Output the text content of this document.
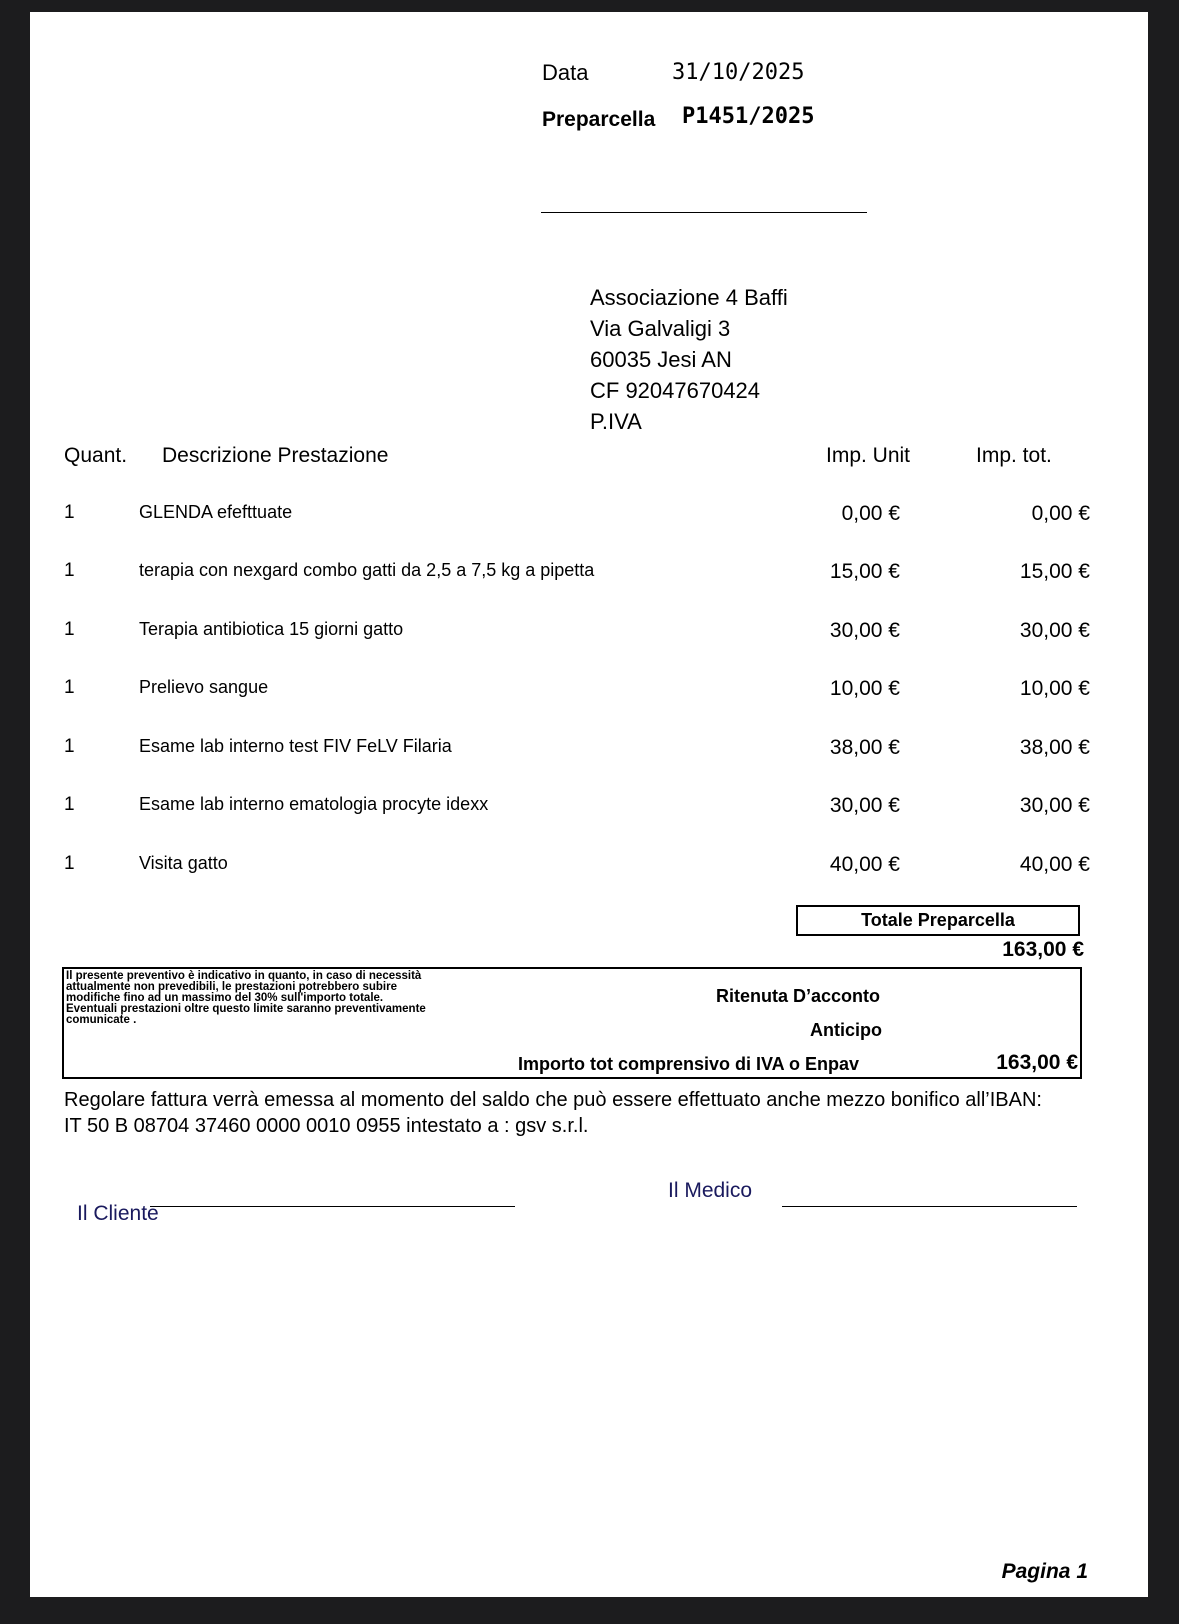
Data	31/10/2025
Preparcella P1451/2025
Associazione 4 Baffi
Via Galvaligi 3
60035 Jesi AN
CF 92047670424
P.IVA
Quant. Descrizione Prestazione	Imp. Unit	Imp. tot.
1	GLENDA efefttuate	0,00 €	0,00 €
1	terapia con nexgard combo gatti da 2,5 a 7,5 kg a pipetta	15,00 €	15,00 €
1	Terapia antibiotica 15 giorni gatto	30,00 €	30,00 €
1	Prelievo sangue	10,00 €	10,00 €
1	Esame lab interno test FIV FeLV Filaria	38,00 €	38,00 €
1	Esame lab interno ematologia procyte idexx	30,00 €	30,00 €
1	Visita gatto	40,00 €	40,00 €
Totale Preparcella
163,00 €
Il presente preventivo è indicativo in quanto, in caso di necessità attualmente non prevedibili, le prestazioni potrebbero subire modifiche fino ad un massimo del 30% sull'importo totale. Eventuali prestazioni oltre questo limite saranno preventivamente comunicate .
Ritenuta D’acconto
Anticipo
Importo tot comprensivo di IVA o Enpav	163,00 €
Regolare fattura verrà emessa al momento del saldo che può essere effettuato anche mezzo bonifico all’IBAN:
IT 50 B 08704 37460 0000 0010 0955 intestato a : gsv s.r.l.
Il Cliente
Il Medico
Pagina 1
